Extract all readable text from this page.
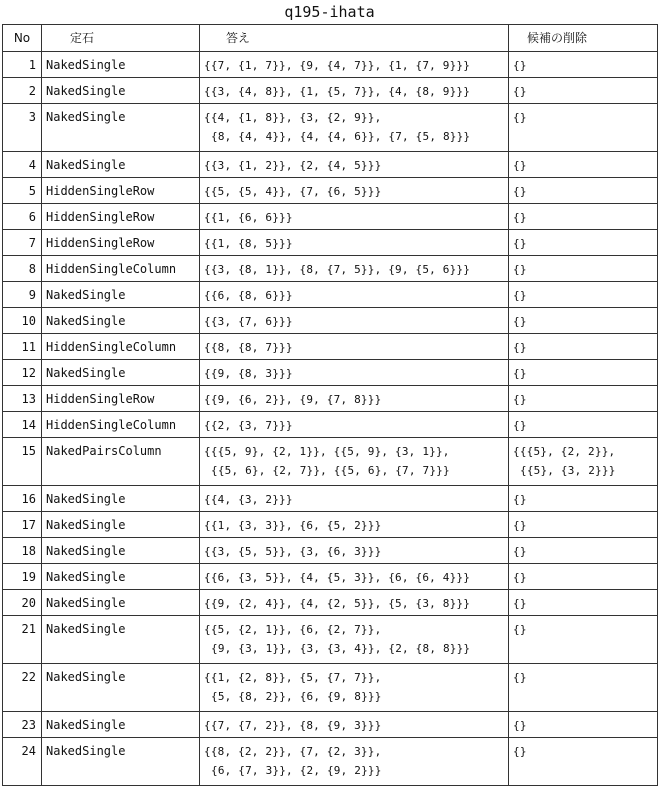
q195-ihata
No	定石	答え	候補の削除
1	NakedSingle	{{7, {1, 7}}, {9, {4, 7}}, {1, {7, 9}}}	{}

2	NakedSingle	{{3, {4, 8}}, {1, {5, 7}}, {4, {8, 9}}}	{}

3	NakedSingle	{{4, {1, 8}}, {3, {2, 9}},
{8, {4, 4}}, {4, {4, 6}}, {7, {5, 8}}}	{}

4	NakedSingle	{{3, {1, 2}}, {2, {4, 5}}}	{}

5	HiddenSingleRow	{{5, {5, 4}}, {7, {6, 5}}}	{}

6	HiddenSingleRow	{{1, {6, 6}}}	{}

7	HiddenSingleRow	{{1, {8, 5}}}	{}

8	HiddenSingleColumn	{{3, {8, 1}}, {8, {7, 5}}, {9, {5, 6}}}	{}

9	NakedSingle	{{6, {8, 6}}}	{}

10	NakedSingle	{{3, {7, 6}}}	{}

11	HiddenSingleColumn	{{8, {8, 7}}}	{}

12	NakedSingle	{{9, {8, 3}}}	{}

13	HiddenSingleRow	{{9, {6, 2}}, {9, {7, 8}}}	{}

14	HiddenSingleColumn	{{2, {3, 7}}}	{}

15	NakedPairsColumn	{{{5, 9}, {2, 1}}, {{5, 9}, {3, 1}},
{{5, 6}, {2, 7}}, {{5, 6}, {7, 7}}}	{{{5}, {2, 2}},
{{5}, {3, 2}}}

16	NakedSingle	{{4, {3, 2}}}	{}

17	NakedSingle	{{1, {3, 3}}, {6, {5, 2}}}	{}

18	NakedSingle	{{3, {5, 5}}, {3, {6, 3}}}	{}

19	NakedSingle	{{6, {3, 5}}, {4, {5, 3}}, {6, {6, 4}}}	{}

20	NakedSingle	{{9, {2, 4}}, {4, {2, 5}}, {5, {3, 8}}}	{}

21	NakedSingle	{{5, {2, 1}}, {6, {2, 7}},
{9, {3, 1}}, {3, {3, 4}}, {2, {8, 8}}}	{}

22	NakedSingle	{{1, {2, 8}}, {5, {7, 7}},
{5, {8, 2}}, {6, {9, 8}}}	{}

23	NakedSingle	{{7, {7, 2}}, {8, {9, 3}}}	{}

24	NakedSingle	{{8, {2, 2}}, {7, {2, 3}},
{6, {7, 3}}, {2, {9, 2}}}	{}
